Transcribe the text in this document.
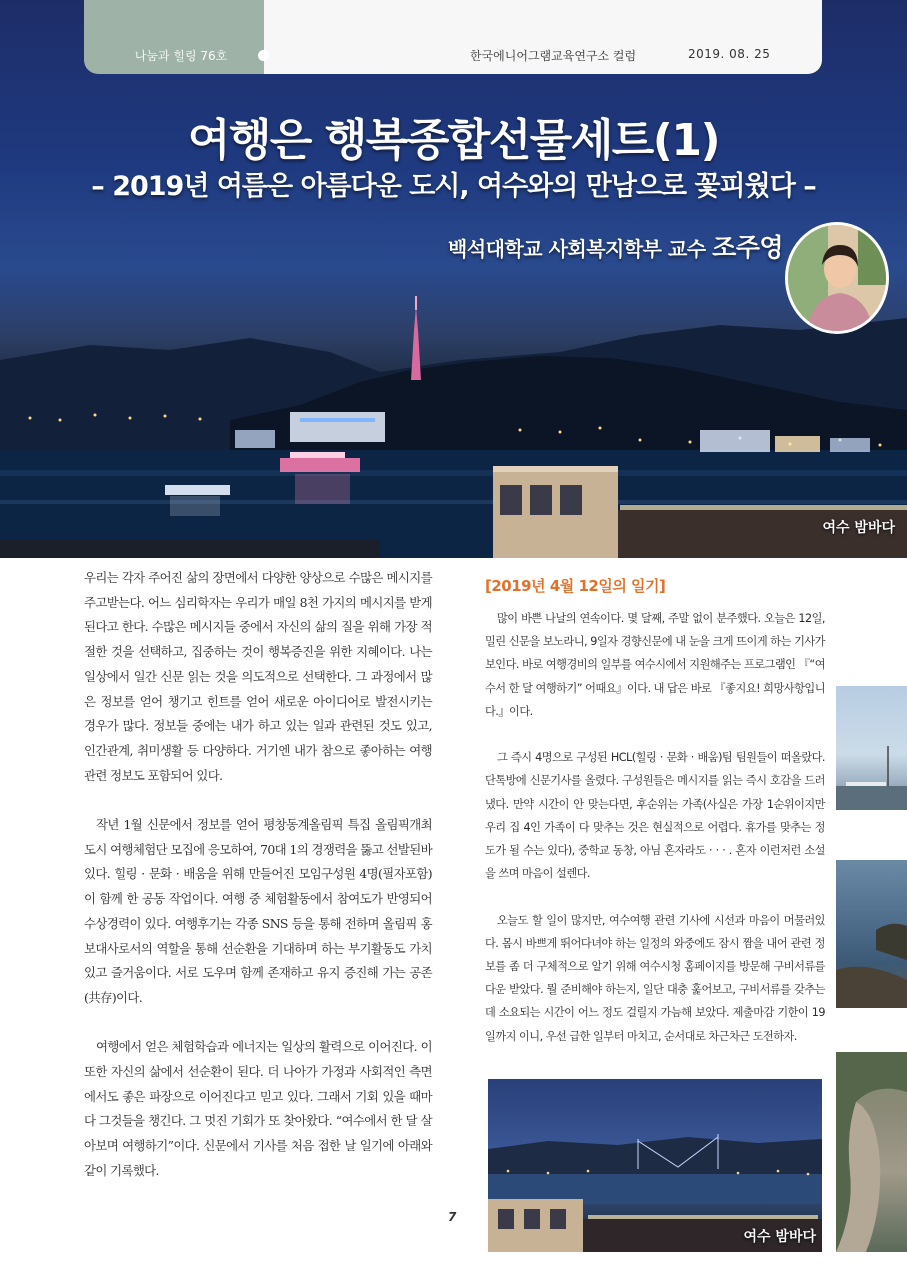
나눔과 힐링 76호	한국에니어그램교육연구소 컬럼	2019. 08. 25
여행은 행복종합선물세트(1)
– 2019년 여름은 아름다운 도시, 여수와의 만남으로 꽃피웠다 –
백석대학교 사회복지학부 교수 조주영
여수 밤바다

우리는 각자 주어진 삶의 장면에서 다양한 양상으로 수많은 메시지를 주고받는다. 어느 심리학자는 우리가 매일 8천 가지의 메시지를 받게 된다고 한다. 수많은 메시지들 중에서 자신의 삶의 질을 위해 가장 적절한 것을 선택하고, 집중하는 것이 행복증진을 위한 지혜이다. 나는 일상에서 일간 신문 읽는 것을 의도적으로 선택한다. 그 과정에서 많은 정보를 얻어 챙기고 힌트를 얻어 새로운 아이디어로 발전시키는 경우가 많다. 정보들 중에는 내가 하고 있는 일과 관련된 것도 있고, 인간관계, 취미생활 등 다양하다. 거기엔 내가 참으로 좋아하는 여행관련 정보도 포함되어 있다.

작년 1월 신문에서 정보를 얻어 평창동계올림픽 특집 올림픽개최도시 여행체험단 모집에 응모하여, 70대 1의 경쟁력을 뚫고 선발된바 있다. 힐링 · 문화 · 배움을 위해 만들어진 모임구성원 4명(필자포함)이 함께 한 공동 작업이다. 여행 중 체험활동에서 참여도가 반영되어 수상경력이 있다. 여행후기는 각종 SNS 등을 통해 전하며 올림픽 홍보대사로서의 역할을 통해 선순환을 기대하며 하는 부기활동도 가치 있고 즐거움이다. 서로 도우며 함께 존재하고 유지 증진해 가는 공존(共存)이다.

여행에서 얻은 체험학습과 에너지는 일상의 활력으로 이어진다. 이 또한 자신의 삶에서 선순환이 된다. 더 나아가 가정과 사회적인 측면에서도 좋은 파장으로 이어진다고 믿고 있다. 그래서 기회 있을 때마다 그것들을 챙긴다. 그 멋진 기회가 또 찾아왔다. “여수에서 한 달 살아보며 여행하기”이다. 신문에서 기사를 처음 접한 날 일기에 아래와 같이 기록했다.

[2019년 4월 12일의 일기]

많이 바쁜 나날의 연속이다. 몇 달째, 주말 없이 분주했다. 오늘은 12일, 밀린 신문을 보노라니, 9일자 경향신문에 내 눈을 크게 뜨이게 하는 기사가 보인다. 바로 여행경비의 일부를 여수시에서 지원해주는 프로그램인 『“여수서 한 달 여행하기” 어때요』이다. 내 답은 바로 『좋지요! 희망사항입니다.』이다.

그 즉시 4명으로 구성된 HCL(힐링 · 문화 · 배움)팀 팀원들이 떠올랐다. 단톡방에 신문기사를 올렸다. 구성원들은 메시지를 읽는 즉시 호감을 드러냈다. 만약 시간이 안 맞는다면, 후순위는 가족(사실은 가장 1순위이지만 우리 집 4인 가족이 다 맞추는 것은 현실적으로 어렵다. 휴가를 맞추는 정도가 될 수는 있다), 중학교 동창, 아님 혼자라도 · · · . 혼자 이런저런 소설을 쓰며 마음이 설렌다.

오늘도 할 일이 많지만, 여수여행 관련 기사에 시선과 마음이 머물러있다. 몸시 바쁘게 뛰어다녀야 하는 일정의 와중에도 잠시 짬을 내어 관련 정보를 좀 더 구체적으로 알기 위해 여수시청 홈페이지를 방문해 구비서류를 다운 받았다. 뭘 준비해야 하는지, 일단 대충 훑어보고, 구비서류를 갖추는데 소요되는 시간이 어느 정도 걸릴지 가늠해 보았다. 제출마감 기한이 19일까지 이니, 우선 급한 일부터 마치고, 순서대로 차근차근 도전하자.

여수 밤바다
7
